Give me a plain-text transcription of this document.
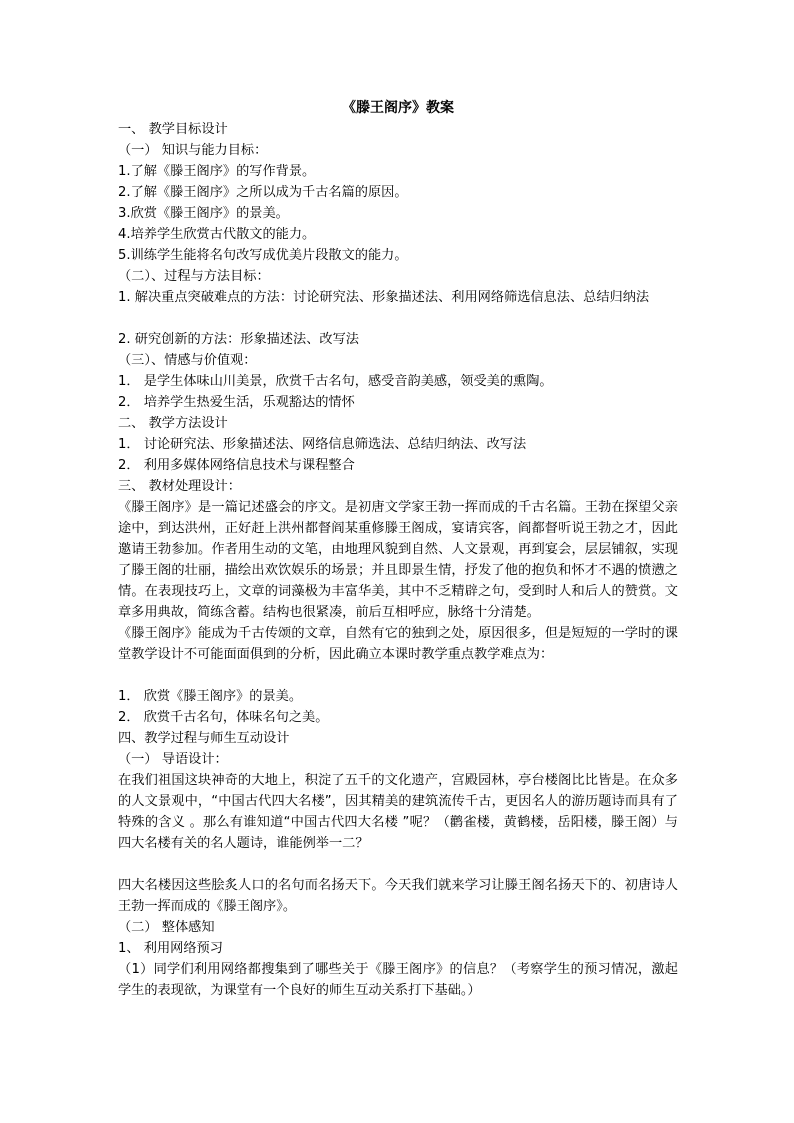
《滕王阁序》教案
一、 教学目标设计
（一） 知识与能力目标：
1.了解《滕王阁序》的写作背景。
2.了解《滕王阁序》之所以成为千古名篇的原因。
3.欣赏《滕王阁序》的景美。
4.培养学生欣赏古代散文的能力。
5.训练学生能将名句改写成优美片段散文的能力。
（二）、过程与方法目标：
1. 解决重点突破难点的方法：讨论研究法、形象描述法、利用网络筛选信息法、总结归纳法
2. 研究创新的方法：形象描述法、改写法
（三）、情感与价值观：
1． 是学生体味山川美景，欣赏千古名句，感受音韵美感，领受美的熏陶。
2． 培养学生热爱生活，乐观豁达的情怀
二、 教学方法设计
1． 讨论研究法、形象描述法、网络信息筛选法、总结归纳法、改写法
2． 利用多媒体网络信息技术与课程整合
三、 教材处理设计：
《滕王阁序》是一篇记述盛会的序文。是初唐文学家王勃一挥而成的千古名篇。王勃在探望父亲途中，到达洪州，正好赶上洪州都督阎某重修滕王阁成，宴请宾客，阎都督听说王勃之才，因此邀请王勃参加。作者用生动的文笔，由地理风貌到自然、人文景观，再到宴会，层层铺叙，实现了滕王阁的壮丽，描绘出欢饮娱乐的场景；并且即景生情，抒发了他的抱负和怀才不遇的愤懑之情。在表现技巧上，文章的词藻极为丰富华美，其中不乏精辟之句，受到时人和后人的赞赏。文章多用典故，简练含蓄。结构也很紧凑，前后互相呼应，脉络十分清楚。
《滕王阁序》能成为千古传颂的文章，自然有它的独到之处，原因很多，但是短短的一学时的课堂教学设计不可能面面俱到的分析，因此确立本课时教学重点教学难点为：
1． 欣赏《滕王阁序》的景美。
2． 欣赏千古名句，体味名句之美。
四、教学过程与师生互动设计
（一） 导语设计：
在我们祖国这块神奇的大地上，积淀了五千的文化遗产，宫殿园林，亭台楼阁比比皆是。在众多的人文景观中，“中国古代四大名楼”，因其精美的建筑流传千古，更因名人的游历题诗而具有了特殊的含义 。那么有谁知道“中国古代四大名楼 ”呢？（鹳雀楼，黄鹤楼，岳阳楼，滕王阁）与四大名楼有关的名人题诗，谁能例举一二？
四大名楼因这些脍炙人口的名句而名扬天下。今天我们就来学习让滕王阁名扬天下的、初唐诗人王勃一挥而成的《滕王阁序》。
（二） 整体感知
1、 利用网络预习
（1）同学们利用网络都搜集到了哪些关于《滕王阁序》的信息？（考察学生的预习情况，激起学生的表现欲，为课堂有一个良好的师生互动关系打下基础。）
